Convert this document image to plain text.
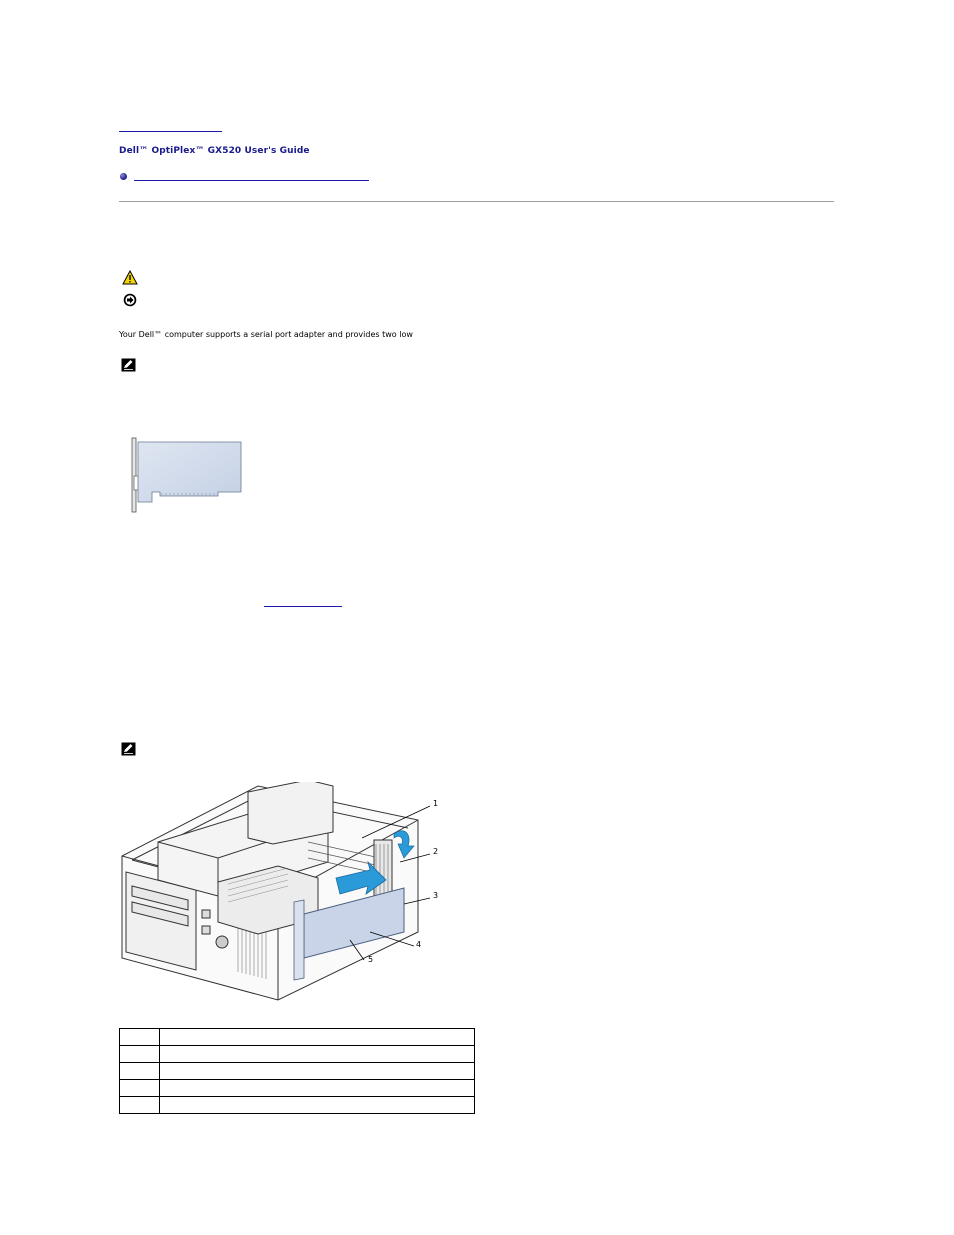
Dell™ OptiPlex™ GX520 User's Guide
Your Dell™ computer supports a serial port adapter and provides two low
1
2
3
4
5
